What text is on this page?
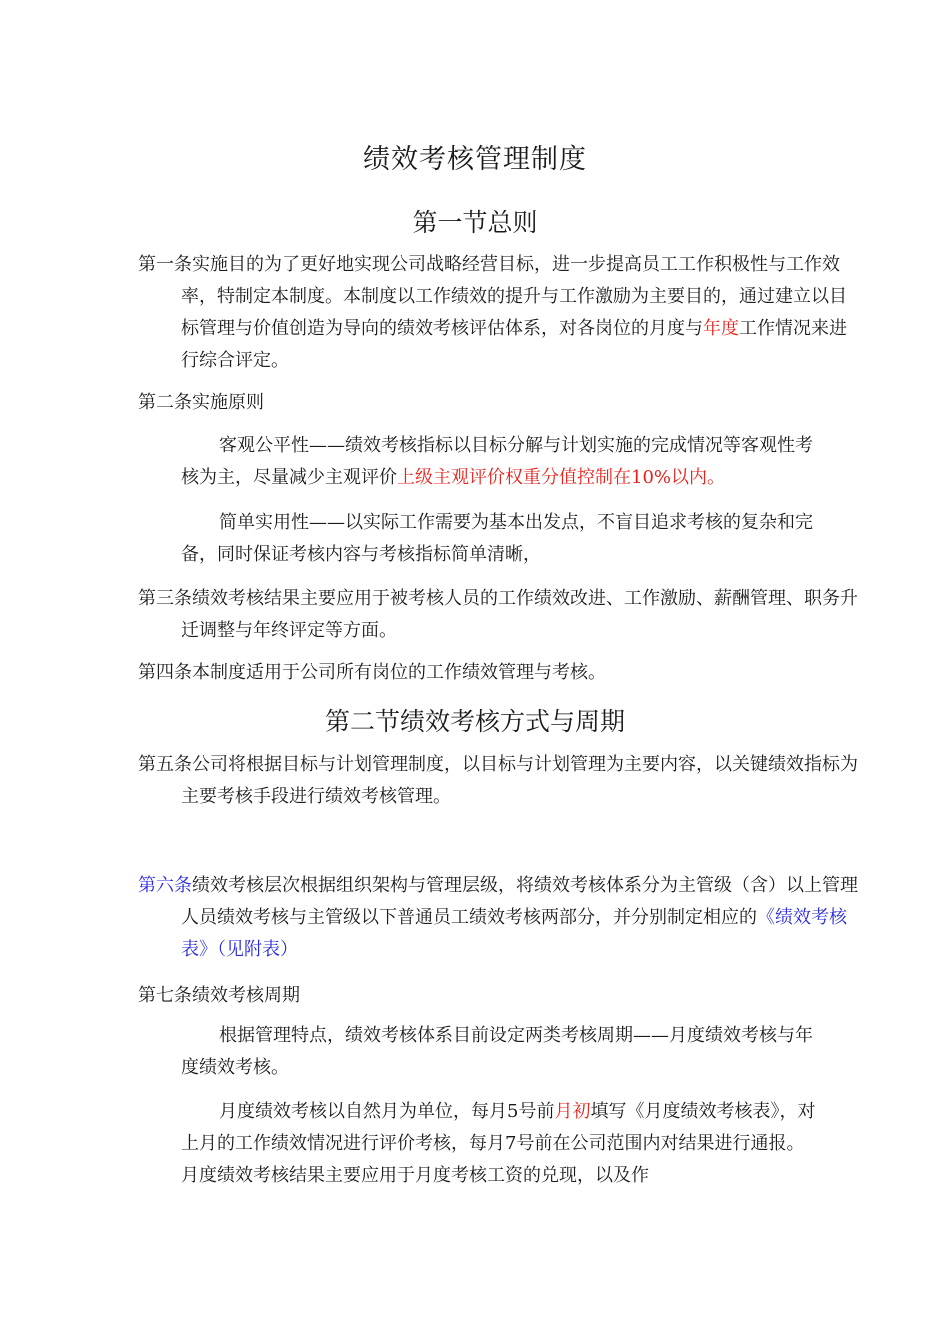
绩效考核管理制度
第一节总则

第一条实施目的为了更好地实现公司战略经营目标，进一步提高员工工作积极性与工作效率，特制定本制度。本制度以工作绩效的提升与工作激励为主要目的，通过建立以目标管理与价值创造为导向的绩效考核评估体系，对各岗位的月度与年度工作情况来进行综合评定。

第二条实施原则

客观公平性——绩效考核指标以目标分解与计划实施的完成情况等客观性考核为主，尽量减少主观评价上级主观评价权重分值控制在10%以内。

简单实用性——以实际工作需要为基本出发点，不盲目追求考核的复杂和完备，同时保证考核内容与考核指标简单清晰，

第三条绩效考核结果主要应用于被考核人员的工作绩效改进、工作激励、薪酬管理、职务升迁调整与年终评定等方面。

第四条本制度适用于公司所有岗位的工作绩效管理与考核。

第二节绩效考核方式与周期

第五条公司将根据目标与计划管理制度，以目标与计划管理为主要内容，以关键绩效指标为主要考核手段进行绩效考核管理。

第六条绩效考核层次根据组织架构与管理层级，将绩效考核体系分为主管级（含）以上管理人员绩效考核与主管级以下普通员工绩效考核两部分，并分别制定相应的《绩效考核表》（见附表）

第七条绩效考核周期

根据管理特点，绩效考核体系目前设定两类考核周期——月度绩效考核与年度绩效考核。

月度绩效考核以自然月为单位，每月5号前月初填写《月度绩效考核表》，对上月的工作绩效情况进行评价考核，每月7号前在公司范围内对结果进行通报。月度绩效考核结果主要应用于月度考核工资的兑现，以及作
